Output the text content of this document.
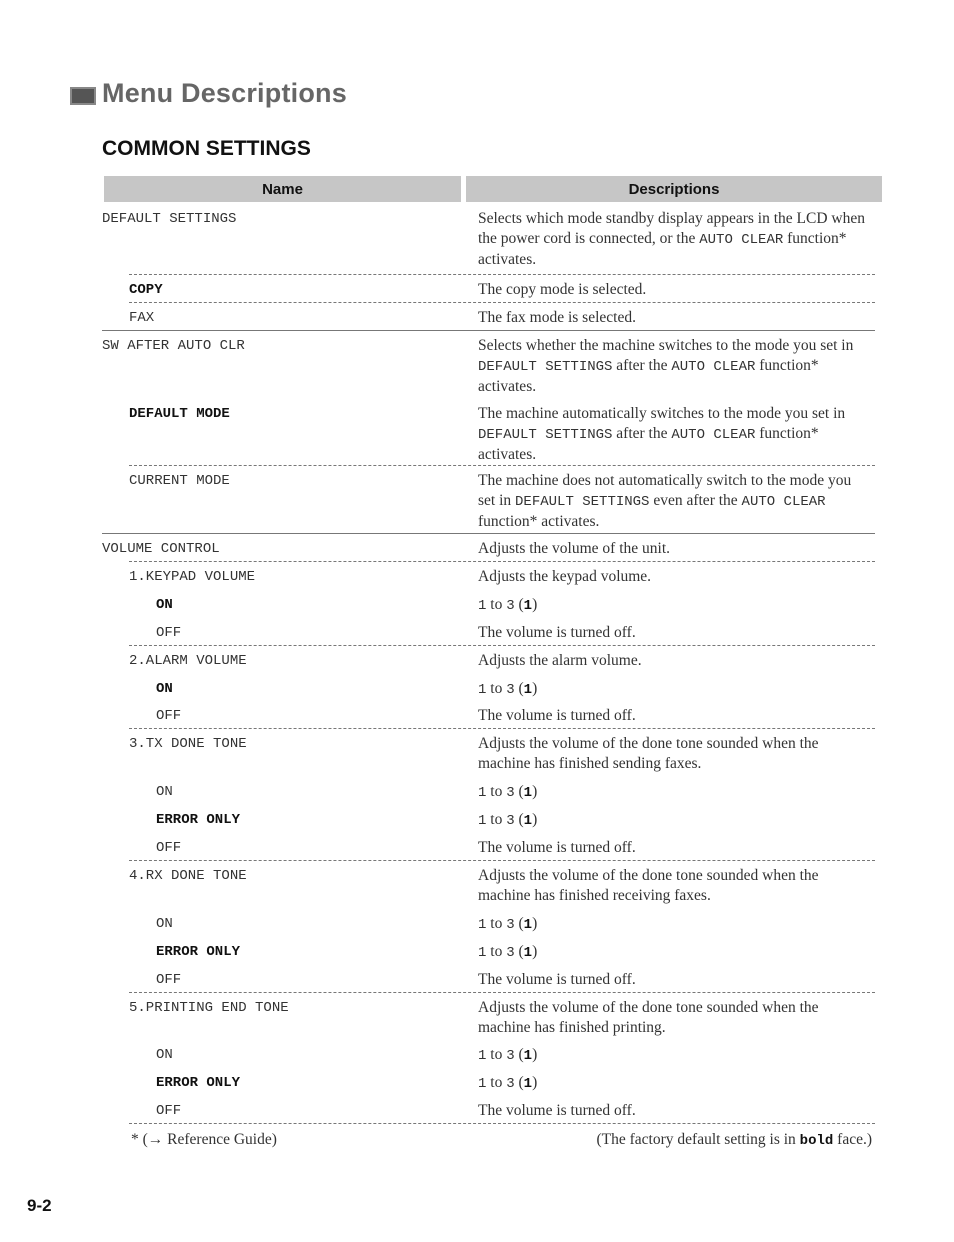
Menu Descriptions
COMMON SETTINGS
Name	Descriptions
DEFAULT SETTINGS	Selects which mode standby display appears in the LCD when the power cord is connected, or the AUTO CLEAR function* activates.
COPY	The copy mode is selected.
FAX	The fax mode is selected.
SW AFTER AUTO CLR	Selects whether the machine switches to the mode you set in DEFAULT SETTINGS after the AUTO CLEAR function* activates.
DEFAULT MODE	The machine automatically switches to the mode you set in DEFAULT SETTINGS after the AUTO CLEAR function* activates.
CURRENT MODE	The machine does not automatically switch to the mode you set in DEFAULT SETTINGS even after the AUTO CLEAR function* activates.
VOLUME CONTROL	Adjusts the volume of the unit.
1.KEYPAD VOLUME	Adjusts the keypad volume.
ON	1 to 3 (1)
OFF	The volume is turned off.
2.ALARM VOLUME	Adjusts the alarm volume.
ON	1 to 3 (1)
OFF	The volume is turned off.
3.TX DONE TONE	Adjusts the volume of the done tone sounded when the machine has finished sending faxes.
ON	1 to 3 (1)
ERROR ONLY	1 to 3 (1)
OFF	The volume is turned off.
4.RX DONE TONE	Adjusts the volume of the done tone sounded when the machine has finished receiving faxes.
ON	1 to 3 (1)
ERROR ONLY	1 to 3 (1)
OFF	The volume is turned off.
5.PRINTING END TONE	Adjusts the volume of the done tone sounded when the machine has finished printing.
ON	1 to 3 (1)
ERROR ONLY	1 to 3 (1)
OFF	The volume is turned off.
* (→ Reference Guide)	(The factory default setting is in bold face.)
9-2
